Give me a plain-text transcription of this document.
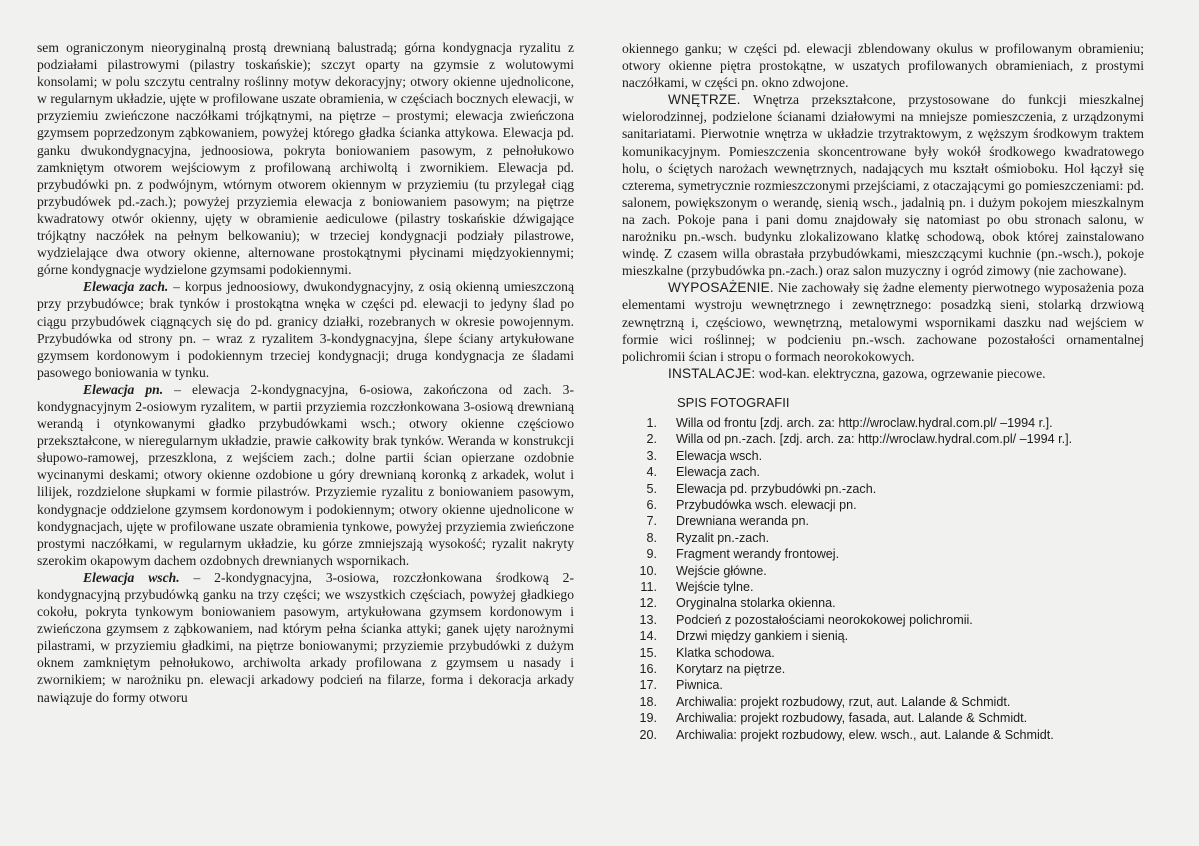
sem ograniczonym nieoryginalną prostą drewnianą balustradą; górna kondygnacja ryzalitu z podziałami pilastrowymi (pilastry toskańskie); szczyt oparty na gzymsie z wolutowymi konsolami; w polu szczytu centralny roślinny motyw dekoracyjny; otwory okienne ujednolicone, w regularnym układzie, ujęte w profilowane uszate obramienia, w częściach bocznych elewacji, w przyziemiu zwieńczone naczółkami trójkątnymi, na piętrze – prostymi; elewacja zwieńczona gzymsem poprzedzonym ząbkowaniem, powyżej którego gładka ścianka attykowa. Elewacja pd. ganku dwukondygnacyjna, jednoosiowa, pokryta boniowaniem pasowym, z pełnołukowo zamkniętym otworem wejściowym z profilowaną archiwoltą i zwornikiem. Elewacja pd. przybudówki pn. z podwójnym, wtórnym otworem okiennym w przyziemiu (tu przylegał ciąg przybudówek pd.-zach.); powyżej przyziemia elewacja z boniowaniem pasowym; na piętrze kwadratowy otwór okienny, ujęty w obramienie aediculowe (pilastry toskańskie dźwigające trójkątny naczółek na pełnym belkowaniu); w trzeciej kondygnacji podziały pilastrowe, wydzielające dwa otwory okienne, alternowane prostokątnymi płycinami międzyokiennymi; górne kondygnacje wydzielone gzymsami podokiennymi.

Elewacja zach. – korpus jednoosiowy, dwukondygnacyjny, z osią okienną umieszczoną przy przybudówce; brak tynków i prostokątna wnęka w części pd. elewacji to jedyny ślad po ciągu przybudówek ciągnących się do pd. granicy działki, rozebranych w okresie powojennym. Przybudówka od strony pn. – wraz z ryzalitem 3-kondygnacyjna, ślepe ściany artykułowane gzymsem kordonowym i podokiennym trzeciej kondygnacji; druga kondygnacja ze śladami pasowego boniowania w tynku.

Elewacja pn. – elewacja 2-kondygnacyjna, 6-osiowa, zakończona od zach. 3-kondygnacyjnym 2-osiowym ryzalitem, w partii przyziemia rozczłonkowana 3-osiową drewnianą werandą i otynkowanymi gładko przybudówkami wsch.; otwory okienne częściowo przekształcone, w nieregularnym układzie, prawie całkowity brak tynków. Weranda w konstrukcji słupowo-ramowej, przeszklona, z wejściem zach.; dolne partii ścian opierzane ozdobnie wycinanymi deskami; otwory okienne ozdobione u góry drewnianą koronką z arkadek, wolut i lilijek, rozdzielone słupkami w formie pilastrów. Przyziemie ryzalitu z boniowaniem pasowym, kondygnacje oddzielone gzymsem kordonowym i podokiennym; otwory okienne ujednolicone w kondygnacjach, ujęte w profilowane uszate obramienia tynkowe, powyżej przyziemia zwieńczone prostymi naczółkami, w regularnym układzie, ku górze zmniejszają wysokość; ryzalit nakryty szerokim okapowym dachem ozdobnych drewnianych wspornikach.

Elewacja wsch. – 2-kondygnacyjna, 3-osiowa, rozczłonkowana środkową 2-kondygnacyjną przybudówką ganku na trzy części; we wszystkich częściach, powyżej gładkiego cokołu, pokryta tynkowym boniowaniem pasowym, artykułowana gzymsem kordonowym i zwieńczona gzymsem z ząbkowaniem, nad którym pełna ścianka attyki; ganek ujęty narożnymi pilastrami, w przyziemiu gładkimi, na piętrze boniowanymi; przyziemie przybudówki z dużym oknem zamkniętym pełnołukowo, archiwolta arkady profilowana z gzymsem u nasady i zwornikiem; w narożniku pn. elewacji arkadowy podcień na filarze, forma i dekoracja arkady nawiązuje do formy otworu

okiennego ganku; w części pd. elewacji zblendowany okulus w profilowanym obramieniu; otwory okienne piętra prostokątne, w uszatych profilowanych obramieniach, z prostymi naczółkami, w części pn. okno zdwojone.

WNĘTRZE. Wnętrza przekształcone, przystosowane do funkcji mieszkalnej wielorodzinnej, podzielone ścianami działowymi na mniejsze pomieszczenia, z urządzonymi sanitariatami. Pierwotnie wnętrza w układzie trzytraktowym, z węższym środkowym traktem komunikacyjnym. Pomieszczenia skoncentrowane były wokół środkowego kwadratowego holu, o ściętych narożach wewnętrznych, nadających mu kształt ośmioboku. Hol łączył się czterema, symetrycznie rozmieszczonymi przejściami, z otaczającymi go pomieszczeniami: pd. salonem, powiększonym o werandę, sienią wsch., jadalnią pn. i dużym pokojem mieszkalnym na zach. Pokoje pana i pani domu znajdowały się natomiast po obu stronach salonu, w narożniku pn.-wsch. budynku zlokalizowano klatkę schodową, obok której zainstalowano windę. Z czasem willa obrastała przybudówkami, mieszczącymi kuchnie (pn.-wsch.), pokoje mieszkalne (przybudówka pn.-zach.) oraz salon muzyczny i ogród zimowy (nie zachowane).

WYPOSAŻENIE. Nie zachowały się żadne elementy pierwotnego wyposażenia poza elementami wystroju wewnętrznego i zewnętrznego: posadzką sieni, stolarką drzwiową zewnętrzną i, częściowo, wewnętrzną, metalowymi wspornikami daszku nad wejściem w formie wici roślinnej; w podcieniu pn.-wsch. zachowane pozostałości ornamentalnej polichromii ścian i stropu o formach neorokokowych.

INSTALACJE: wod-kan. elektryczna, gazowa, ogrzewanie piecowe.

SPIS FOTOGRAFII
1.	Willa od frontu [zdj. arch. za: http://wroclaw.hydral.com.pl/ –1994 r.].
2.	Willa od pn.-zach. [zdj. arch. za: http://wroclaw.hydral.com.pl/ –1994 r.].
3.	Elewacja wsch.
4.	Elewacja zach.
5.	Elewacja pd. przybudówki pn.-zach.
6.	Przybudówka wsch. elewacji pn.
7.	Drewniana weranda pn.
8.	Ryzalit pn.-zach.
9.	Fragment werandy frontowej.
10.	Wejście główne.
11.	Wejście tylne.
12.	Oryginalna stolarka okienna.
13.	Podcień z pozostałościami neorokokowej polichromii.
14.	Drzwi między gankiem i sienią.
15.	Klatka schodowa.
16.	Korytarz na piętrze.
17.	Piwnica.
18.	Archiwalia: projekt rozbudowy, rzut, aut. Lalande & Schmidt.
19.	Archiwalia: projekt rozbudowy, fasada, aut. Lalande & Schmidt.
20.	Archiwalia: projekt rozbudowy, elew. wsch., aut. Lalande & Schmidt.
